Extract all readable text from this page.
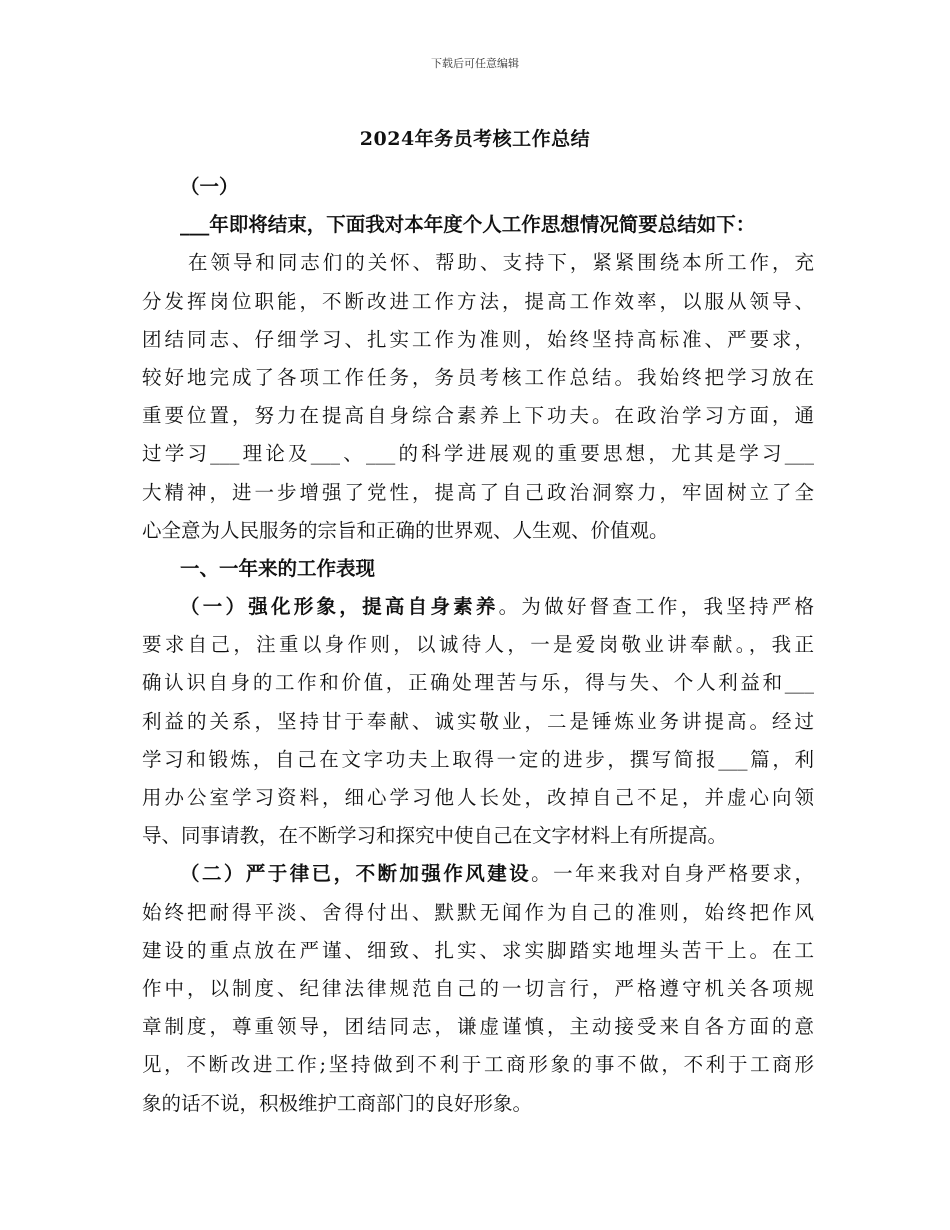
下载后可任意编辑
2024年务员考核工作总结
（一）
___年即将结束，下面我对本年度个人工作思想情况简要总结如下：
在领导和同志们的关怀、帮助、支持下，紧紧围绕本所工作，充
分发挥岗位职能，不断改进工作方法，提高工作效率，以服从领导、
团结同志、仔细学习、扎实工作为准则，始终坚持高标准、严要求，
较好地完成了各项工作任务，务员考核工作总结。我始终把学习放在
重要位置，努力在提高自身综合素养上下功夫。在政治学习方面，通
过学习___理论及___、___的科学进展观的重要思想，尤其是学习___
大精神，进一步增强了党性，提高了自己政治洞察力，牢固树立了全
心全意为人民服务的宗旨和正确的世界观、人生观、价值观。
一、一年来的工作表现
（一）强化形象，提高自身素养。为做好督查工作，我坚持严格
要求自己，注重以身作则，以诚待人，一是爱岗敬业讲奉献。，我正
确认识自身的工作和价值，正确处理苦与乐，得与失、个人利益和___
利益的关系，坚持甘于奉献、诚实敬业，二是锤炼业务讲提高。经过
学习和锻炼，自己在文字功夫上取得一定的进步，撰写简报___篇，利
用办公室学习资料，细心学习他人长处，改掉自己不足，并虚心向领
导、同事请教，在不断学习和探究中使自己在文字材料上有所提高。
（二）严于律已，不断加强作风建设。一年来我对自身严格要求，
始终把耐得平淡、舍得付出、默默无闻作为自己的准则，始终把作风
建设的重点放在严谨、细致、扎实、求实脚踏实地埋头苦干上。在工
作中，以制度、纪律法律规范自己的一切言行，严格遵守机关各项规
章制度，尊重领导，团结同志，谦虚谨慎，主动接受来自各方面的意
见，不断改进工作;坚持做到不利于工商形象的事不做，不利于工商形
象的话不说，积极维护工商部门的良好形象。
